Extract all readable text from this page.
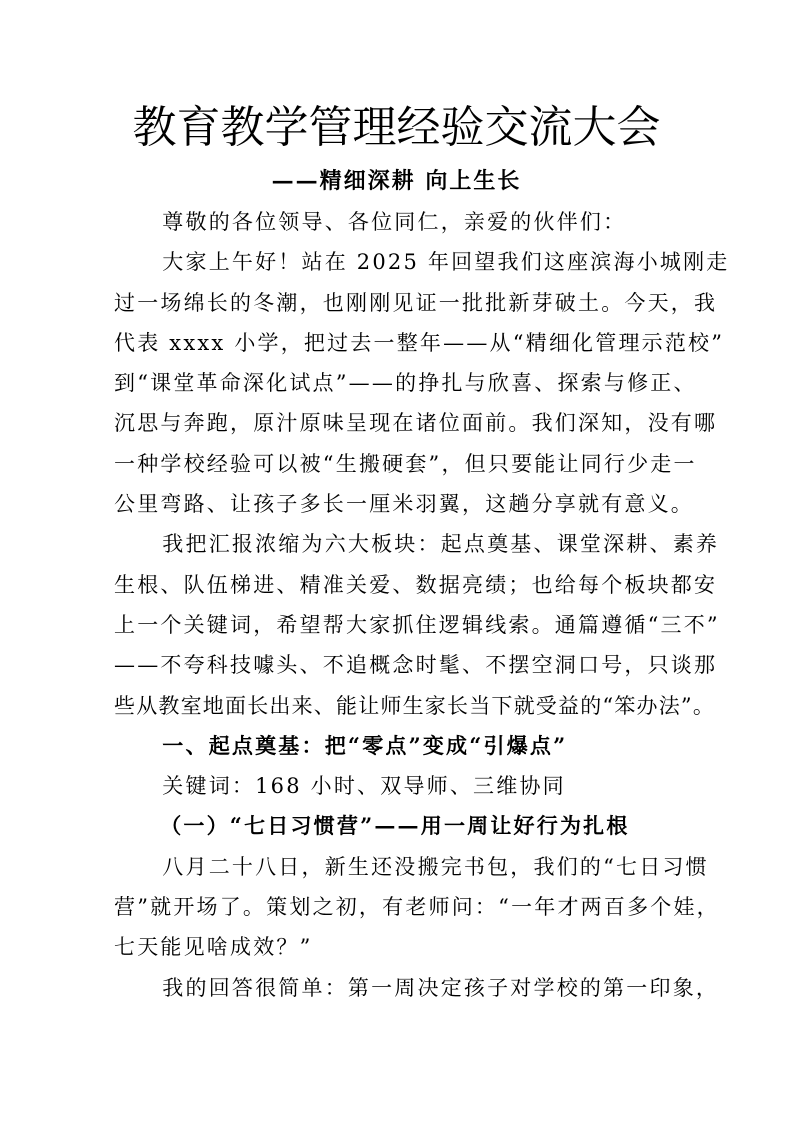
教育教学管理经验交流大会
——精细深耕 向上生长
尊敬的各位领导、各位同仁，亲爱的伙伴们：
大家上午好！站在 2025 年回望我们这座滨海小城刚走
过一场绵长的冬潮，也刚刚见证一批批新芽破土。今天，我
代表 xxxx 小学，把过去一整年——从“精细化管理示范校”
到“课堂革命深化试点”——的挣扎与欣喜、探索与修正、
沉思与奔跑，原汁原味呈现在诸位面前。我们深知，没有哪
一种学校经验可以被“生搬硬套”，但只要能让同行少走一
公里弯路、让孩子多长一厘米羽翼，这趟分享就有意义。
我把汇报浓缩为六大板块：起点奠基、课堂深耕、素养
生根、队伍梯进、精准关爱、数据亮绩；也给每个板块都安
上一个关键词，希望帮大家抓住逻辑线索。通篇遵循“三不”
——不夸科技噱头、不追概念时髦、不摆空洞口号，只谈那
些从教室地面长出来、能让师生家长当下就受益的“笨办法”。
一、起点奠基：把“零点”变成“引爆点”
关键词：168 小时、双导师、三维协同
（一）“七日习惯营”——用一周让好行为扎根
八月二十八日，新生还没搬完书包，我们的“七日习惯
营”就开场了。策划之初，有老师问：“一年才两百多个娃，
七天能见啥成效？”
我的回答很简单：第一周决定孩子对学校的第一印象，
